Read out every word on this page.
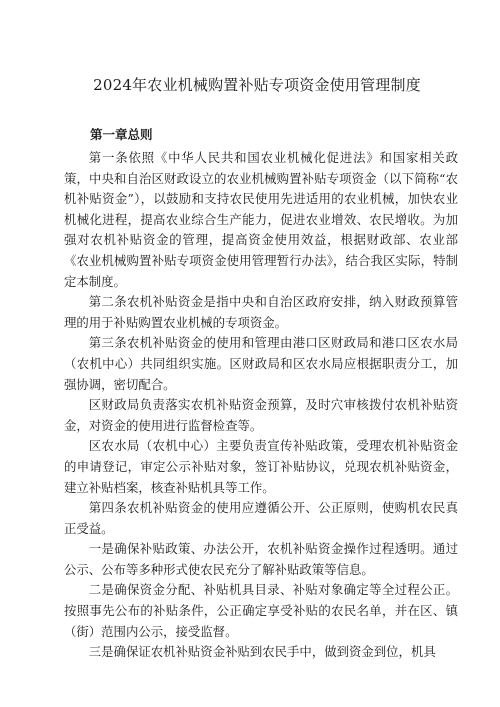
2024年农业机械购置补贴专项资金使用管理制度
第一章总则

第一条依照《中华人民共和国农业机械化促进法》和国家相关政策，中央和自治区财政设立的农业机械购置补贴专项资金（以下简称“农机补贴资金”），以鼓励和支持农民使用先进适用的农业机械，加快农业机械化进程，提高农业综合生产能力，促进农业增效、农民增收。为加强对农机补贴资金的管理，提高资金使用效益，根据财政部、农业部《农业机械购置补贴专项资金使用管理暂行办法》，结合我区实际，特制定本制度。

第二条农机补贴资金是指中央和自治区政府安排，纳入财政预算管理的用于补贴购置农业机械的专项资金。

第三条农机补贴资金的使用和管理由港口区财政局和港口区农水局（农机中心）共同组织实施。区财政局和区农水局应根据职责分工，加强协调，密切配合。

区财政局负责落实农机补贴资金预算，及时穴审核拨付农机补贴资金，对资金的使用进行监督检查等。

区农水局（农机中心）主要负责宣传补贴政策，受理农机补贴资金的申请登记，审定公示补贴对象，签订补贴协议，兑现农机补贴资金，建立补贴档案，核查补贴机具等工作。

第四条农机补贴资金的使用应遵循公开、公正原则，使购机农民真正受益。

一是确保补贴政策、办法公开，农机补贴资金操作过程透明。通过公示、公布等多种形式使农民充分了解补贴政策等信息。

二是确保资金分配、补贴机具目录、补贴对象确定等全过程公正。按照事先公布的补贴条件，公正确定享受补贴的农民名单，并在区、镇（街）范围内公示，接受监督。

三是确保证农机补贴资金补贴到农民手中，做到资金到位，机具
